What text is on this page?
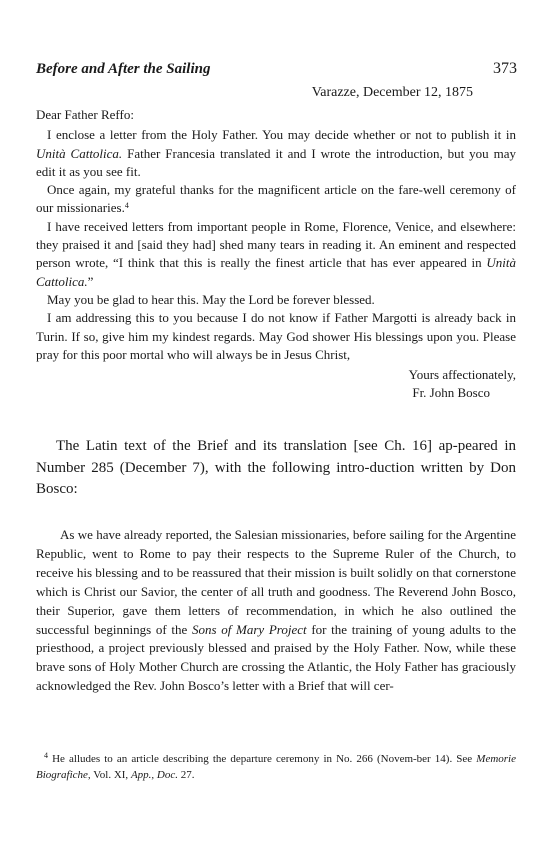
Before and After the Sailing	373
Varazze, December 12, 1875

Dear Father Reffo:

I enclose a letter from the Holy Father. You may decide whether or not to publish it in Unità Cattolica. Father Francesia translated it and I wrote the introduction, but you may edit it as you see fit.

Once again, my grateful thanks for the magnificent article on the fare-well ceremony of our missionaries.$^4$

I have received letters from important people in Rome, Florence, Venice, and elsewhere: they praised it and [said they had] shed many tears in reading it. An eminent and respected person wrote, “I think that this is really the finest article that has ever appeared in Unità Cattolica.”

May you be glad to hear this. May the Lord be forever blessed.

I am addressing this to you because I do not know if Father Margotti is already back in Turin. If so, give him my kindest regards. May God shower His blessings upon you. Please pray for this poor mortal who will always be in Jesus Christ,

Yours affectionately,

Fr. John Bosco

The Latin text of the Brief and its translation [see Ch. 16] ap-peared in Number 285 (December 7), with the following intro-duction written by Don Bosco:

As we have already reported, the Salesian missionaries, before sailing for the Argentine Republic, went to Rome to pay their respects to the Supreme Ruler of the Church, to receive his blessing and to be reassured that their mission is built solidly on that cornerstone which is Christ our Savior, the center of all truth and goodness. The Reverend John Bosco, their Superior, gave them letters of recommendation, in which he also outlined the successful beginnings of the Sons of Mary Project for the training of young adults to the priesthood, a project previously blessed and praised by the Holy Father. Now, while these brave sons of Holy Mother Church are crossing the Atlantic, the Holy Father has graciously acknowledged the Rev. John Bosco’s letter with a Brief that will cer-

$^4$ He alludes to an article describing the departure ceremony in No. 266 (Novem-ber 14). See Memorie Biografiche, Vol. XI, App., Doc. 27.
